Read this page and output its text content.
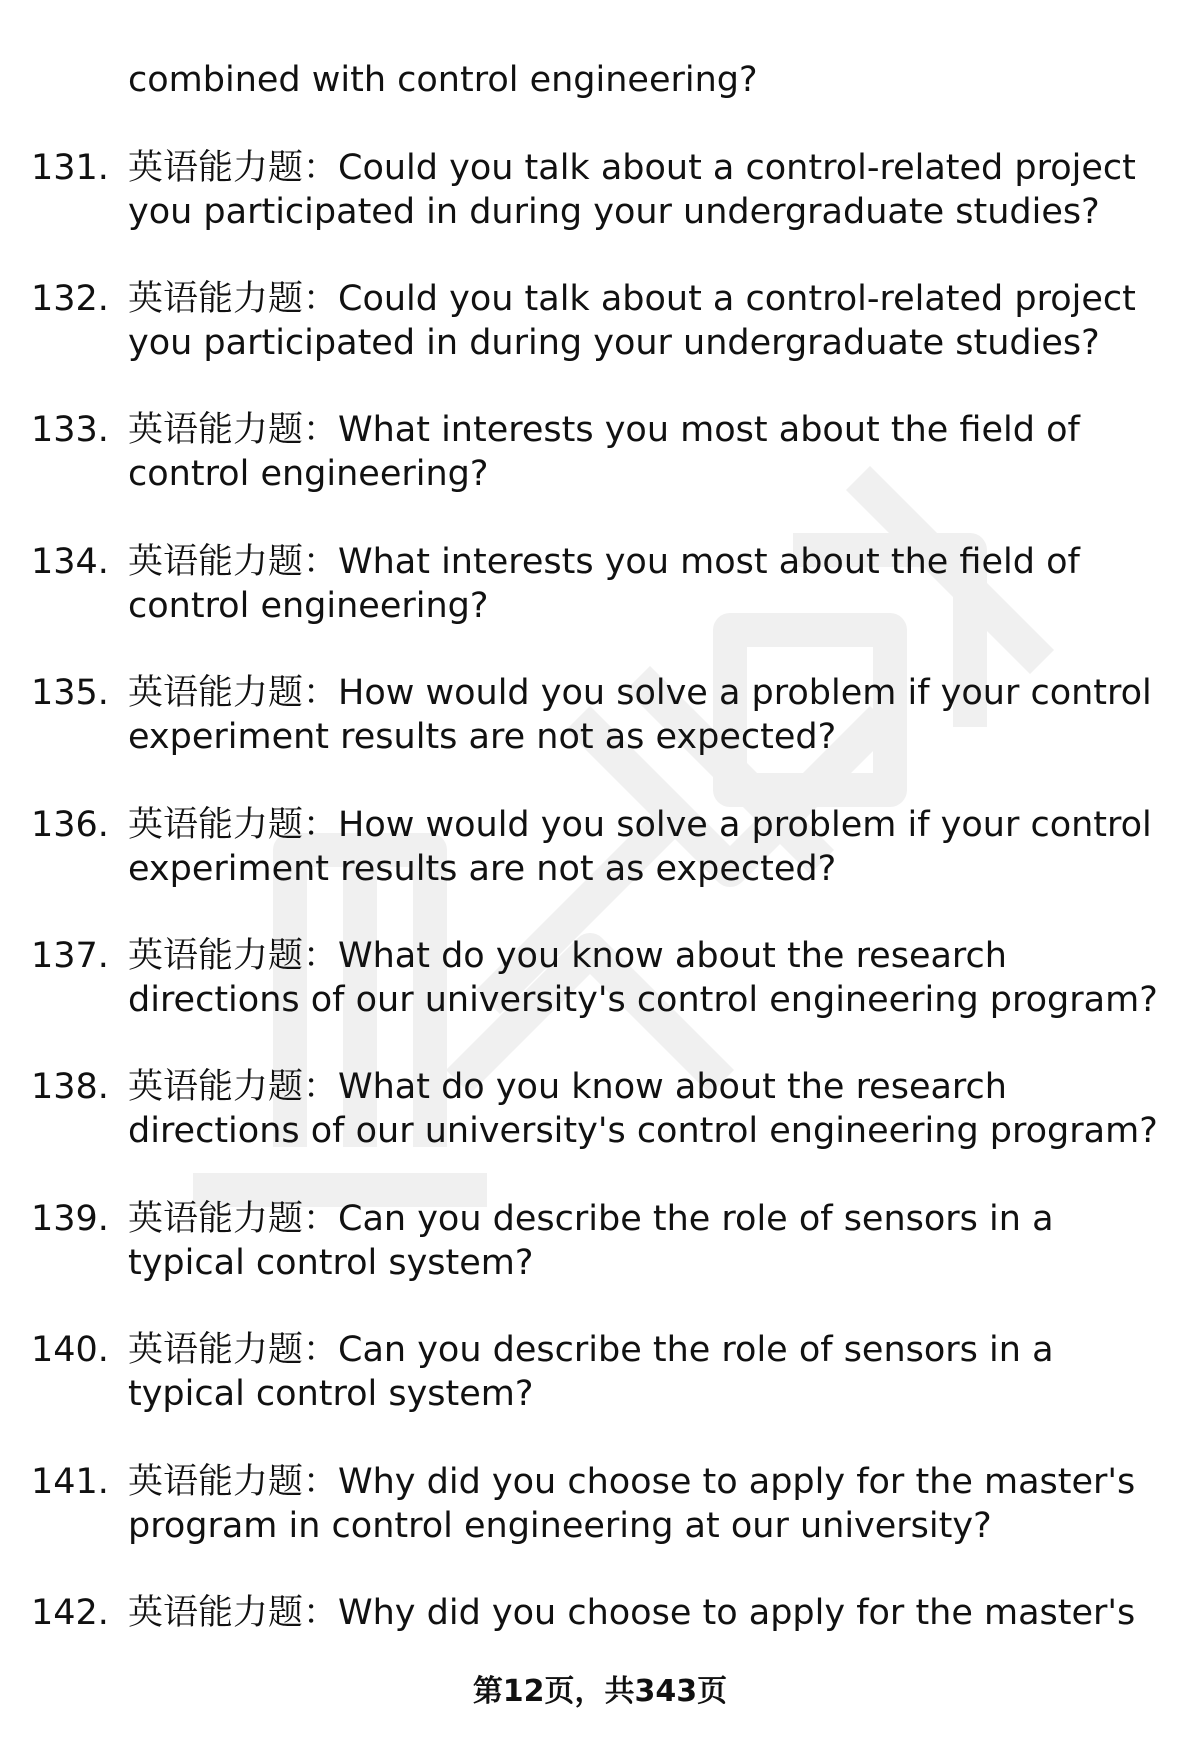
combined with control engineering?
131. 英语能力题：Could you talk about a control-related project
you participated in during your undergraduate studies?
132. 英语能力题：Could you talk about a control-related project
you participated in during your undergraduate studies?
133. 英语能力题：What interests you most about the field of
control engineering?
134. 英语能力题：What interests you most about the field of
control engineering?
135. 英语能力题：How would you solve a problem if your control
experiment results are not as expected?
136. 英语能力题：How would you solve a problem if your control
experiment results are not as expected?
137. 英语能力题：What do you know about the research
directions of our university's control engineering program?
138. 英语能力题：What do you know about the research
directions of our university's control engineering program?
139. 英语能力题：Can you describe the role of sensors in a
typical control system?
140. 英语能力题：Can you describe the role of sensors in a
typical control system?
141. 英语能力题：Why did you choose to apply for the master's
program in control engineering at our university?
142. 英语能力题：Why did you choose to apply for the master's
第12页，共343页
